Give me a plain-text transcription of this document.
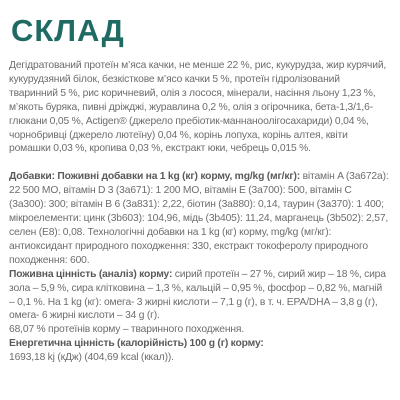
СКЛАД

Дегідратований протеїн м’яса качки, не менше 22 %, рис, кукурудза, жир курячий, кукурудзяний білок, безкісткове м’ясо качки 5 %, протеїн гідролізований тваринний 5 %, рис коричневий, олія з лосося, мінерали, насіння льону 1,23 %, м’якоть буряка, пивні дріжджі, журавлина 0,2 %, олія з огірочника, бета-1,3/1,6-глюкани 0,05 %, Actigen® (джерело пребіотик-маннаноолігосахариди) 0,04 %, чорнобривці (джерело лютеїну) 0,04 %, корінь лопуха, корінь алтея, квіти ромашки 0,03 %, кропива 0,03 %, екстракт юки, чебрець 0,015 %.

Добавки: Поживні добавки на 1 kg (кг) корму, mg/kg (мг/кг): вітамін A (3a672a): 22 500 МО, вітамін D 3 (3a671): 1 200 МО, вітамін E (3a700): 500, вітамін С (3a300): 300; вітамін В 6 (3a831): 2,22, біотин (3a880): 0,14, таурин (3a370): 1 400; мікроелементи: цинк (3b603): 104,96, мідь (3b405): 11,24, марганець (3b502): 2,57, селен (E8): 0,08. Технологічні добавки на 1 kg (кг) корму, mg/kg (мг/кг): антиоксидант природного походження: 330, екстракт токоферолу природного походження: 600.

Поживна цінність (аналіз) корму: сирий протеїн – 27 %, сирий жир – 18 %, сира зола – 5,9 %, сира клітковина – 1,3 %, кальцій – 0,95 %, фосфор – 0,82 %, магній – 0,1 %. На 1 kg (кг): омега- 3 жирні кислоти – 7,1 g (г), в т. ч. EPA/DHA – 3,8 g (г), омега- 6 жирні кислоти – 34 g (г).

68,07 % протеїнів корму – тваринного походження.

Енергетична цінність (калорійність) 100 g (г) корму:

1693,18 kj (кДж) (404,69 kcal (ккал)).
